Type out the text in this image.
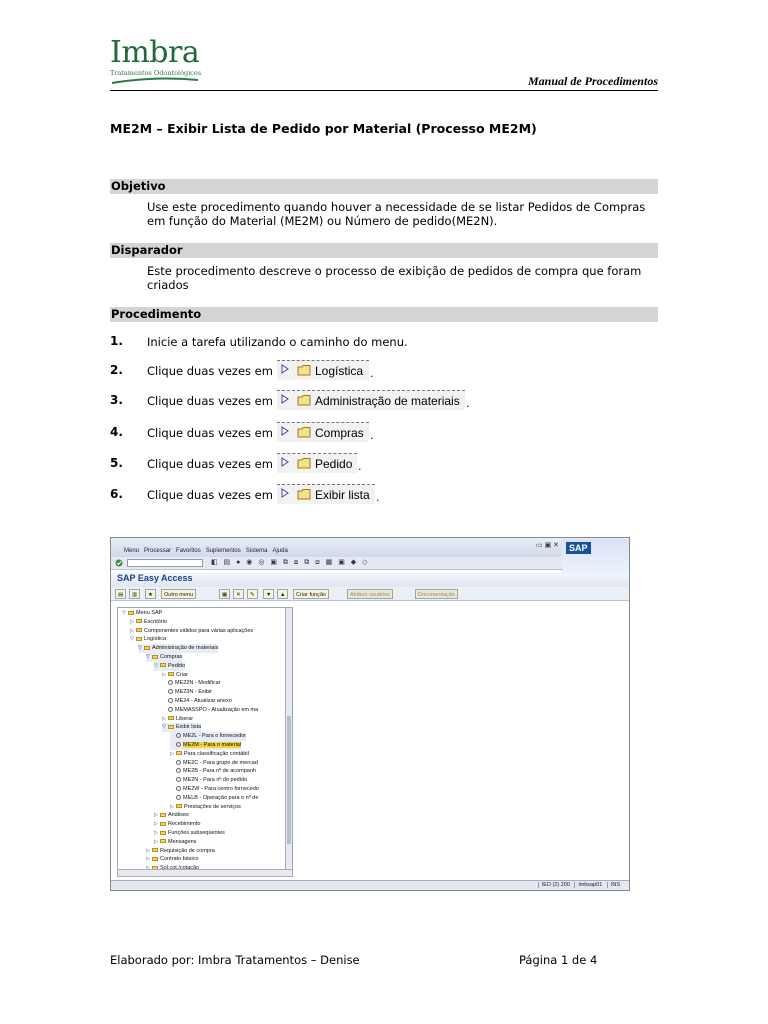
Imbra
Tratamentos Odontológicos
Manual de Procedimentos
ME2M – Exibir Lista de Pedido por Material (Processo ME2M)
Objetivo
Use este procedimento quando houver a necessidade de se listar Pedidos de Compras em função do Material (ME2M) ou Número de pedido(ME2N).
Disparador
Este procedimento descreve o processo de exibição de pedidos de compra que foram criados
Procedimento
1. Inicie a tarefa utilizando o caminho do menu.
2. Clique duas vezes em	Logística .
3. Clique duas vezes em	Administração de materiais .
4. Clique duas vezes em	Compras .
5. Clique duas vezes em	Pedido .
6. Clique duas vezes em	Exibir lista .
Menu Processar Favoritos Suplementos Sistema Ajuda
▭ ▣ ✕	SAP
◧ ▤ ● ◉ ◎ ▣ ⧉ ⧈ ⧉ ⧈ ▦ ▣ ◆ ◇
SAP Easy Access
▤	▥	★	Outro menu	▦	✕	✎	▼	▲	Criar função	Atribuir usuários	Documentação
▽ Menu SAP
▷ Escritório
▷ Componentes válidos para várias aplicações
▽ Logística
▽ Administração de materiais
▽ Compras
▽ Pedido
▷ Criar
ME22N - Modificar
ME23N - Exibir
ME24 - Atualizar anexo
MEMASSPO - Atualização em ma
▷ Liberar
▽ Exibir lista
ME2L - Para o fornecedor
ME2M - Para o material
▷ Para classificação contábil
ME2C - Para grupo de mercad
ME2B - Para nº de acompanh
ME2N - Para nº do pedido
ME2W - Para centro fornecedo
MELB - Operação para o nº de
▷ Prestações de serviços
▷ Análises
▷ Recebimento
▷ Funções subseqüentes
▷ Mensagens
▷ Requisição de compra
▷ Contrato básico
IED (2) 200 imbsap01 INS
Elaborado por: Imbra Tratamentos – Denise	Página 1 de 4
